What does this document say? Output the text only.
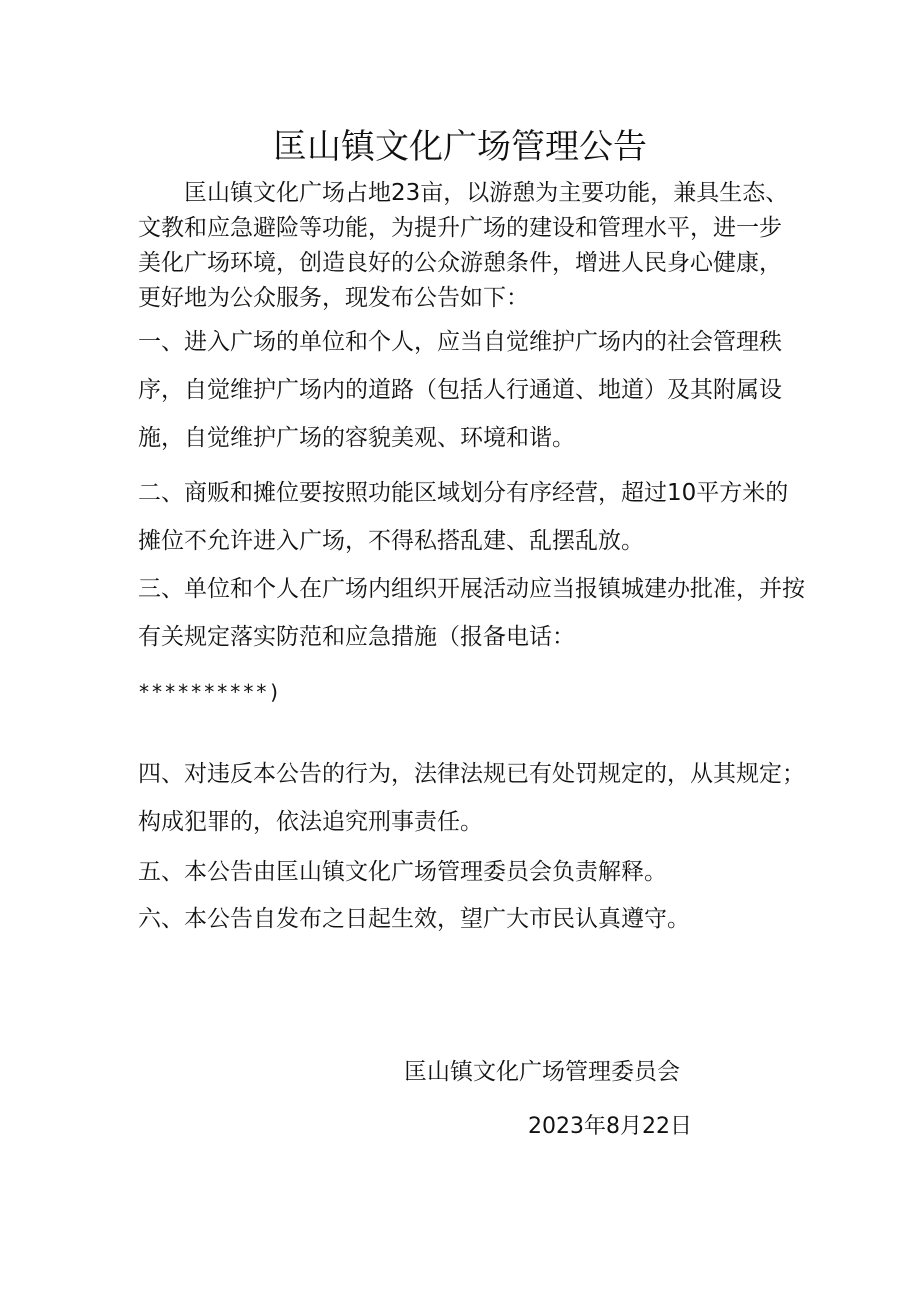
匡山镇文化广场管理公告

匡山镇文化广场占地23亩，以游憩为主要功能，兼具生态、文教和应急避险等功能，为提升广场的建设和管理水平，进一步美化广场环境，创造良好的公众游憩条件，增进人民身心健康，更好地为公众服务，现发布公告如下：

一、进入广场的单位和个人，应当自觉维护广场内的社会管理秩序，自觉维护广场内的道路（包括人行通道、地道）及其附属设施，自觉维护广场的容貌美观、环境和谐。

二、商贩和摊位要按照功能区域划分有序经营，超过10平方米的摊位不允许进入广场，不得私搭乱建、乱摆乱放。

三、单位和个人在广场内组织开展活动应当报镇城建办批准，并按有关规定落实防范和应急措施（报备电话：

**********)

四、对违反本公告的行为，法律法规已有处罚规定的，从其规定；构成犯罪的，依法追究刑事责任。

五、本公告由匡山镇文化广场管理委员会负责解释。

六、本公告自发布之日起生效，望广大市民认真遵守。

匡山镇文化广场管理委员会
2023年8月22日
